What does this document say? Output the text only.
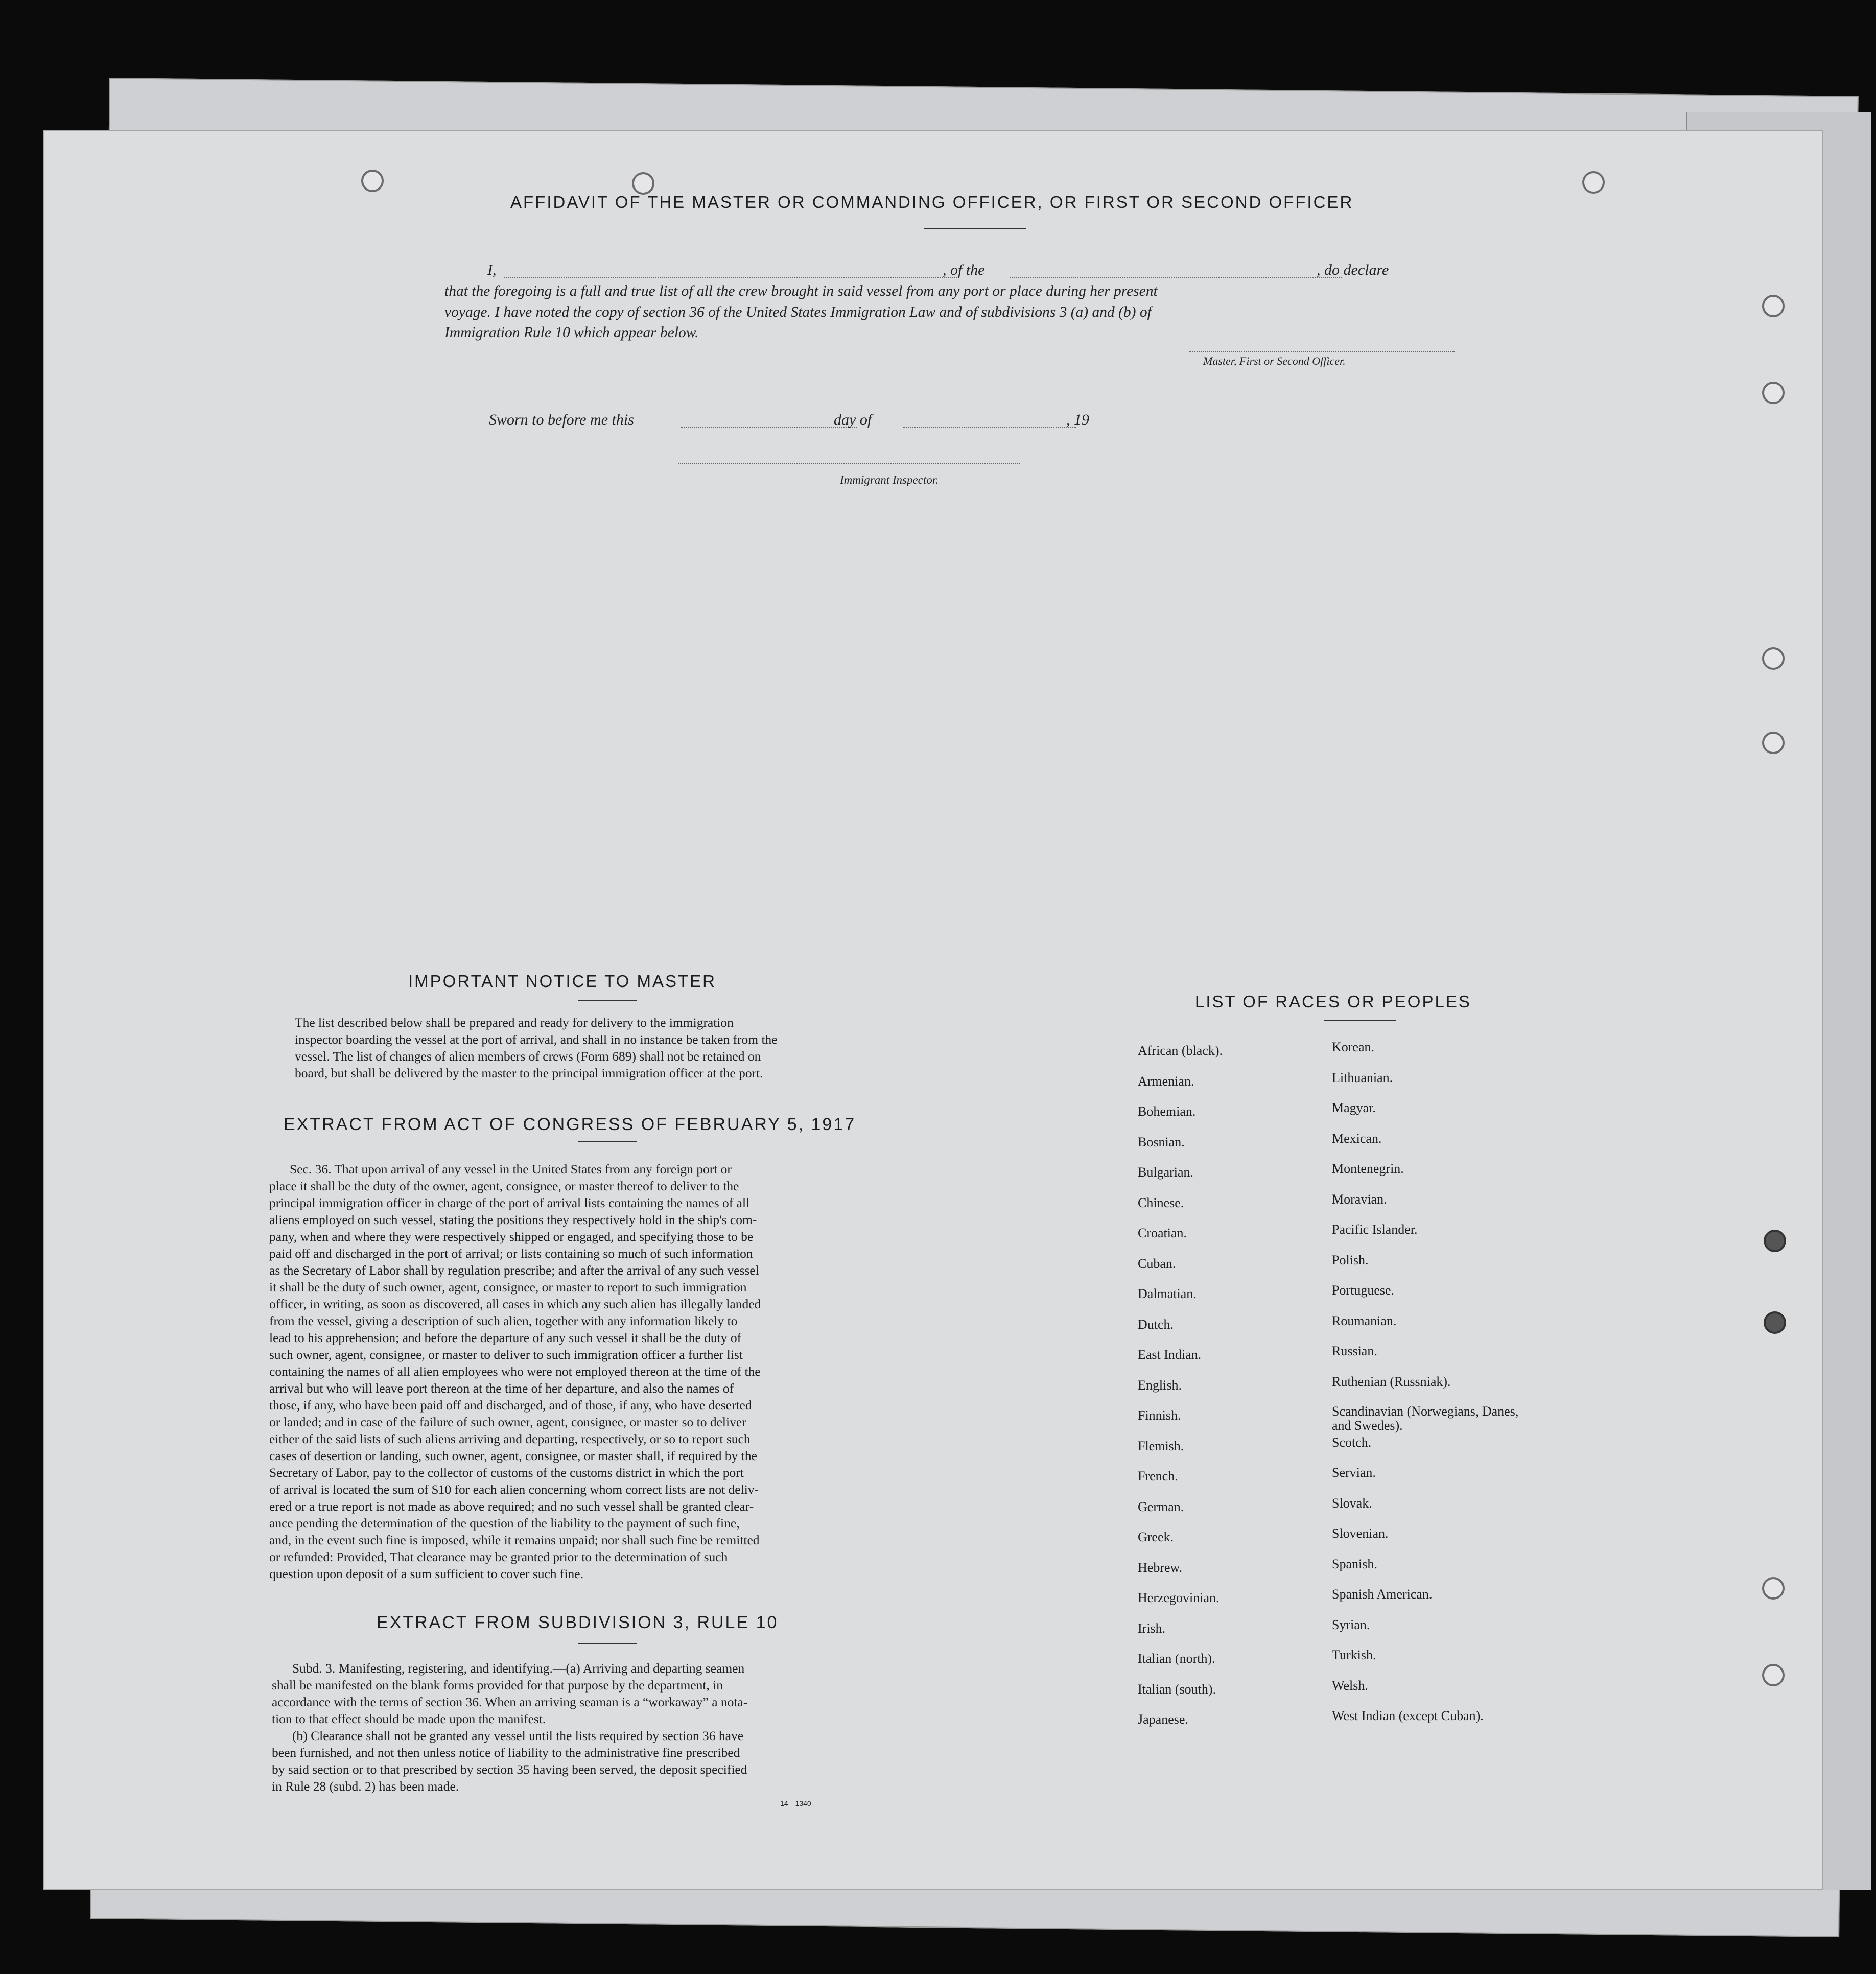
AFFIDAVIT OF THE MASTER OR COMMANDING OFFICER, OR FIRST OR SECOND OFFICER
I,	, of the	, do declare
that the foregoing is a full and true list of all the crew brought in said vessel from any port or place during her present
voyage. I have noted the copy of section 36 of the United States Immigration Law and of subdivisions 3 (a) and (b) of
Immigration Rule 10 which appear below.
Master, First or Second Officer.
Sworn to before me this	day of	, 19
Immigrant Inspector.
IMPORTANT NOTICE TO MASTER
The list described below shall be prepared and ready for delivery to the immigration
inspector boarding the vessel at the port of arrival, and shall in no instance be taken from the
vessel. The list of changes of alien members of crews (Form 689) shall not be retained on
board, but shall be delivered by the master to the principal immigration officer at the port.
EXTRACT FROM ACT OF CONGRESS OF FEBRUARY 5, 1917
Sec. 36. That upon arrival of any vessel in the United States from any foreign port or
place it shall be the duty of the owner, agent, consignee, or master thereof to deliver to the
principal immigration officer in charge of the port of arrival lists containing the names of all
aliens employed on such vessel, stating the positions they respectively hold in the ship's com-
pany, when and where they were respectively shipped or engaged, and specifying those to be
paid off and discharged in the port of arrival; or lists containing so much of such information
as the Secretary of Labor shall by regulation prescribe; and after the arrival of any such vessel
it shall be the duty of such owner, agent, consignee, or master to report to such immigration
officer, in writing, as soon as discovered, all cases in which any such alien has illegally landed
from the vessel, giving a description of such alien, together with any information likely to
lead to his apprehension; and before the departure of any such vessel it shall be the duty of
such owner, agent, consignee, or master to deliver to such immigration officer a further list
containing the names of all alien employees who were not employed thereon at the time of the
arrival but who will leave port thereon at the time of her departure, and also the names of
those, if any, who have been paid off and discharged, and of those, if any, who have deserted
or landed; and in case of the failure of such owner, agent, consignee, or master so to deliver
either of the said lists of such aliens arriving and departing, respectively, or so to report such
cases of desertion or landing, such owner, agent, consignee, or master shall, if required by the
Secretary of Labor, pay to the collector of customs of the customs district in which the port
of arrival is located the sum of $10 for each alien concerning whom correct lists are not deliv-
ered or a true report is not made as above required; and no such vessel shall be granted clear-
ance pending the determination of the question of the liability to the payment of such fine,
and, in the event such fine is imposed, while it remains unpaid; nor shall such fine be remitted
or refunded: Provided, That clearance may be granted prior to the determination of such
question upon deposit of a sum sufficient to cover such fine.
EXTRACT FROM SUBDIVISION 3, RULE 10
Subd. 3. Manifesting, registering, and identifying.—(a) Arriving and departing seamen
shall be manifested on the blank forms provided for that purpose by the department, in
accordance with the terms of section 36. When an arriving seaman is a “workaway” a nota-
tion to that effect should be made upon the manifest.
(b) Clearance shall not be granted any vessel until the lists required by section 36 have
been furnished, and not then unless notice of liability to the administrative fine prescribed
by said section or to that prescribed by section 35 having been served, the deposit specified
in Rule 28 (subd. 2) has been made.
14—1340
LIST OF RACES OR PEOPLES
African (black).
Armenian.
Bohemian.
Bosnian.
Bulgarian.
Chinese.
Croatian.
Cuban.
Dalmatian.
Dutch.
East Indian.
English.
Finnish.
Flemish.
French.
German.
Greek.
Hebrew.
Herzegovinian.
Irish.
Italian (north).
Italian (south).
Japanese.
Korean.
Lithuanian.
Magyar.
Mexican.
Montenegrin.
Moravian.
Pacific Islander.
Polish.
Portuguese.
Roumanian.
Russian.
Ruthenian (Russniak).
Scandinavian (Norwegians, Danes, and Swedes).
Scotch.
Servian.
Slovak.
Slovenian.
Spanish.
Spanish American.
Syrian.
Turkish.
Welsh.
West Indian (except Cuban).
